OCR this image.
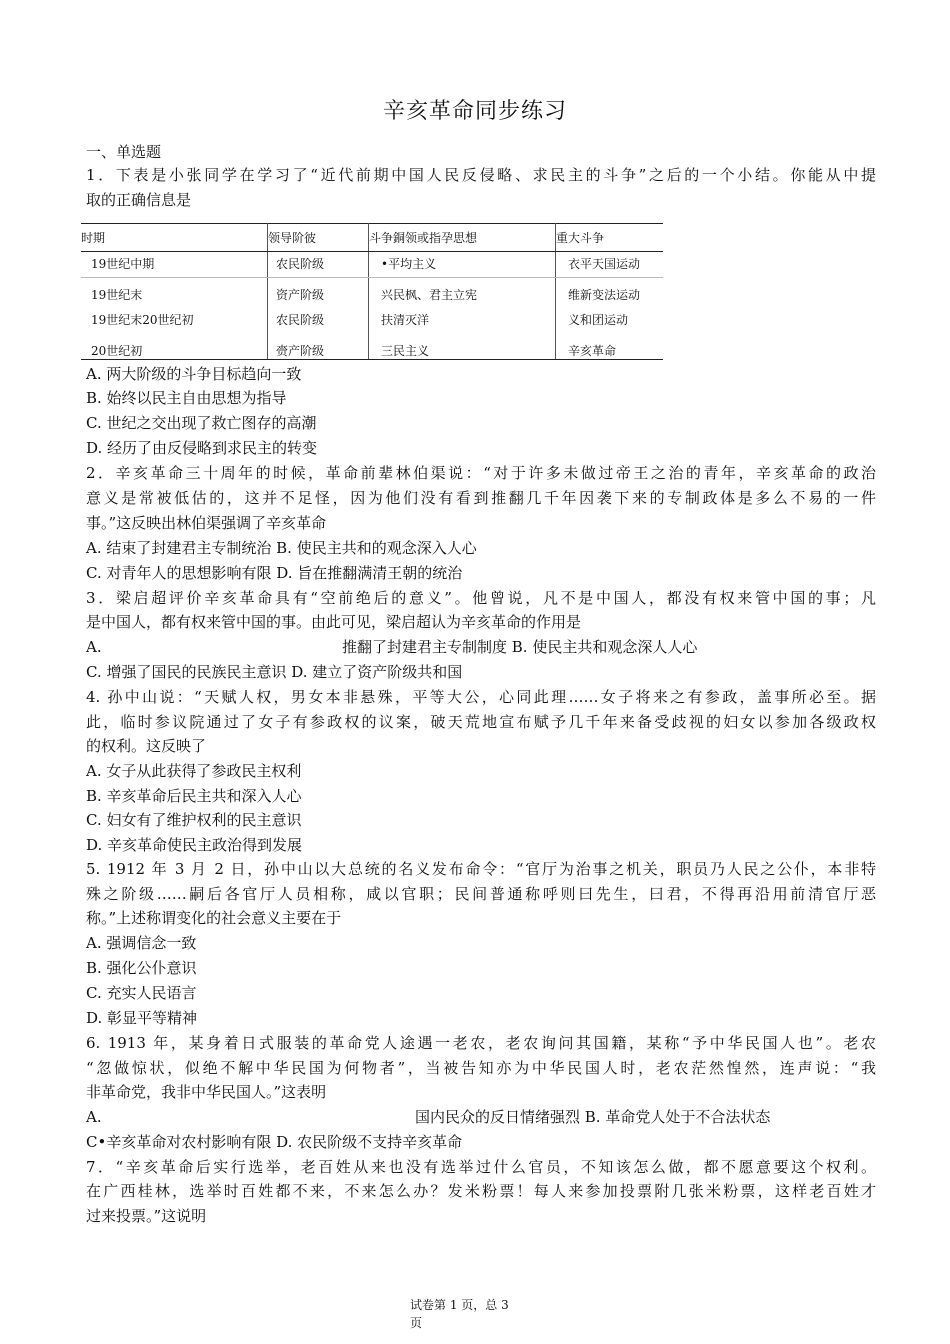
辛亥革命同步练习
一、单选题
1．下表是小张同学在学习了“近代前期中国人民反侵略、求民主的斗争”之后的一个小结。你能从中提
取的正确信息是
时期	领导阶彼	斗争銅领或指孕思想	重大斗争
19世纪中期	农民阶级	•平均主义	衣平天国运动
19世纪末	资产阶级	兴民枫、君主立宪	维新变法运动
19世纪末20世纪初	农民阶级	扶清灭洋	义和团运动
20世纪初	赍产阶级	三民主义	辛亥革命
A. 两大阶级的斗争目标趋向一致
B. 始终以民主自由思想为指导
C. 世纪之交出现了救亡图存的高潮
D. 经历了由反侵略到求民主的转变
2．辛亥革命三十周年的时候，革命前辈林伯渠说：“对于许多未做过帝王之治的青年，辛亥革命的政治
意义是常被低估的，这并不足怪，因为他们没有看到推翻几千年因袭下来的专制政体是多么不易的一件
事。”这反映出林伯渠强调了辛亥革命
A. 结束了封建君主专制统治 B. 使民主共和的观念深入人心
C. 对青年人的思想影响有限 D. 旨在推翻满清王朝的统治
3．梁启超评价辛亥革命具有“空前绝后的意义”。他曾说，凡不是中国人，都没有权来管中国的事；凡
是中国人，都有权来管中国的事。由此可见，梁启超认为辛亥革命的作用是
A.	推翻了封建君主专制制度 B. 使民主共和观念深人人心
C. 增强了国民的民族民主意识 D. 建立了资产阶级共和国
4. 孙中山说：“天赋人权，男女本非悬殊，平等大公，心同此理……女子将来之有参政，盖事所必至。据
此，临时参议院通过了女子有参政权的议案，破天荒地宣布赋予几千年来备受歧视的妇女以参加各级政权
的权利。这反映了
A. 女子从此获得了参政民主权利
B. 辛亥革命后民主共和深入人心
C. 妇女有了维护权利的民主意识
D. 辛亥革命使民主政治得到发展
5. 1912 年 3 月 2 日，孙中山以大总统的名义发布命令：“官厅为治事之机关，职员乃人民之公仆，本非特
殊之阶级……嗣后各官厅人员相称，咸以官职；民间普通称呼则曰先生，曰君，不得再沿用前清官厅恶
称。”上述称谓变化的社会意义主要在于
A. 强调信念一致
B. 强化公仆意识
C. 充实人民语言
D. 彰显平等精神
6. 1913 年，某身着日式服装的革命党人途遇一老农，老农询问其国籍，某称“予中华民国人也”。老农
“忽做惊状，似绝不解中华民国为何物者”，当被告知亦为中华民国人时，老农茫然惶然，连声说：“我
非革命党，我非中华民国人。”这表明
A.	国内民众的反日情绪强烈 B. 革命党人处于不合法状态
C•辛亥革命对农村影响有限 D. 农民阶级不支持辛亥革命
7．“辛亥革命后实行选举，老百姓从来也没有选举过什么官员，不知该怎么做，都不愿意要这个权利。
在广西桂林，选举时百姓都不来，不来怎么办？发米粉票！每人来参加投票附几张米粉票，这样老百姓才
过来投票。”这说明
试卷第 1 页，总 3
页
